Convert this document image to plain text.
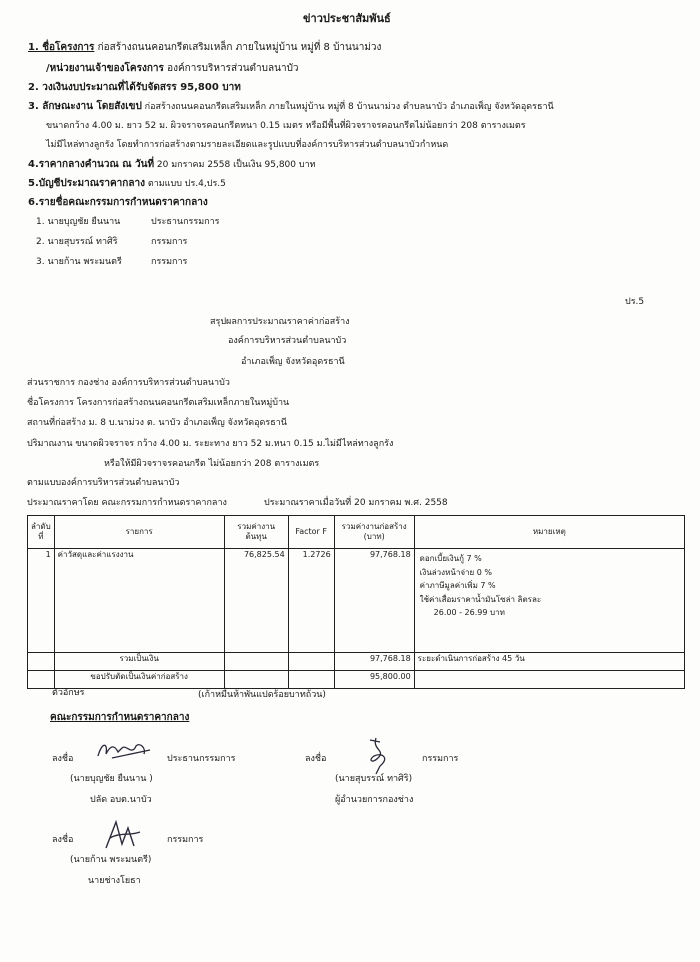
ข่าวประชาสัมพันธ์
1. ชื่อโครงการ ก่อสร้างถนนคอนกรีตเสริมเหล็ก ภายในหมู่บ้าน หมู่ที่ 8 บ้านนาม่วง
/หน่วยงานเจ้าของโครงการ องค์การบริหารส่วนตำบลนาบัว
2. วงเงินงบประมาณที่ได้รับจัดสรร 95,800 บาท
3. ลักษณะงาน โดยสังเขป ก่อสร้างถนนคอนกรีตเสริมเหล็ก ภายในหมู่บ้าน หมู่ที่ 8 บ้านนาม่วง ตำบลนาบัว อำเภอเพ็ญ จังหวัดอุดรธานี
ขนาดกว้าง 4.00 ม. ยาว 52 ม. ผิวจราจรคอนกรีตหนา 0.15 เมตร หรือมีพื้นที่ผิวจราจรคอนกรีตไม่น้อยกว่า 208 ตารางเมตร
ไม่มีไหล่ทางลูกรัง โดยทำการก่อสร้างตามรายละเอียดและรูปแบบที่องค์การบริหารส่วนตำบลนาบัวกำหนด
4.ราคากลางคำนวณ ณ วันที่ 20 มกราคม 2558 เป็นเงิน 95,800 บาท
5.บัญชีประมาณราคากลาง ตามแบบ ปร.4,ปร.5
6.รายชื่อคณะกรรมการกำหนดราคากลาง
1. นายบุญชัย ยืนนาน	ประธานกรรมการ
2. นายสุบรรณ์ ทาศิริ	กรรมการ
3. นายก้าน พระมนตรี	กรรมการ
ปร.5
สรุปผลการประมาณราคาค่าก่อสร้าง
องค์การบริหารส่วนตำบลนาบัว
อำเภอเพ็ญ จังหวัดอุดรธานี
ส่วนราชการ กองช่าง องค์การบริหารส่วนตำบลนาบัว
ชื่อโครงการ โครงการก่อสร้างถนนคอนกรีตเสริมเหล็กภายในหมู่บ้าน
สถานที่ก่อสร้าง ม. 8 บ.นาม่วง ต. นาบัว อำเภอเพ็ญ จังหวัดอุดรธานี
ปริมาณงาน ขนาดผิวจราจร กว้าง 4.00 ม. ระยะทาง ยาว 52 ม.หนา 0.15 ม.ไม่มีไหล่ทางลูกรัง
หรือให้มีผิวจราจรคอนกรีต ไม่น้อยกว่า 208 ตารางเมตร
ตามแบบองค์การบริหารส่วนตำบลนาบัว
ประมาณราคาโดย คณะกรรมการกำหนดราคากลาง	ประมาณราคาเมื่อวันที่ 20 มกราคม พ.ศ. 2558
ลำดับที่	รายการ	รวมค่างาน
ต้นทุน	Factor F	รวมค่างานก่อสร้าง
(บาท)	หมายเหตุ
1	ค่าวัสดุและค่าแรงงาน	76,825.54	1.2726	97,768.18	ดอกเบี้ยเงินกู้ 7 %
เงินล่วงหน้าจ่าย 0 %
ค่าภาษีมูลค่าเพิ่ม 7 %
ใช้ค่าเสื่อมราคาน้ำมันโซล่า ลิตรละ
26.00 - 26.99 บาท

	รวมเป็นเงิน			97,768.18	ระยะดำเนินการก่อสร้าง 45 วัน
	ขอปรับตัดเป็นเงินค่าก่อสร้าง			95,800.00	
ตัวอักษร	(เก้าหมื่นห้าพันแปดร้อยบาทถ้วน)
คณะกรรมการกำหนดราคากลาง
ลงชื่อ	ประธานกรรมการ
(นายบุญชัย ยืนนาน )
ปลัด อบต.นาบัว
ลงชื่อ	กรรมการ
(นายสุบรรณ์ ทาศิริ)
ผู้อำนวยการกองช่าง
ลงชื่อ	กรรมการ
(นายก้าน พระมนตรี)
นายช่างโยธา
